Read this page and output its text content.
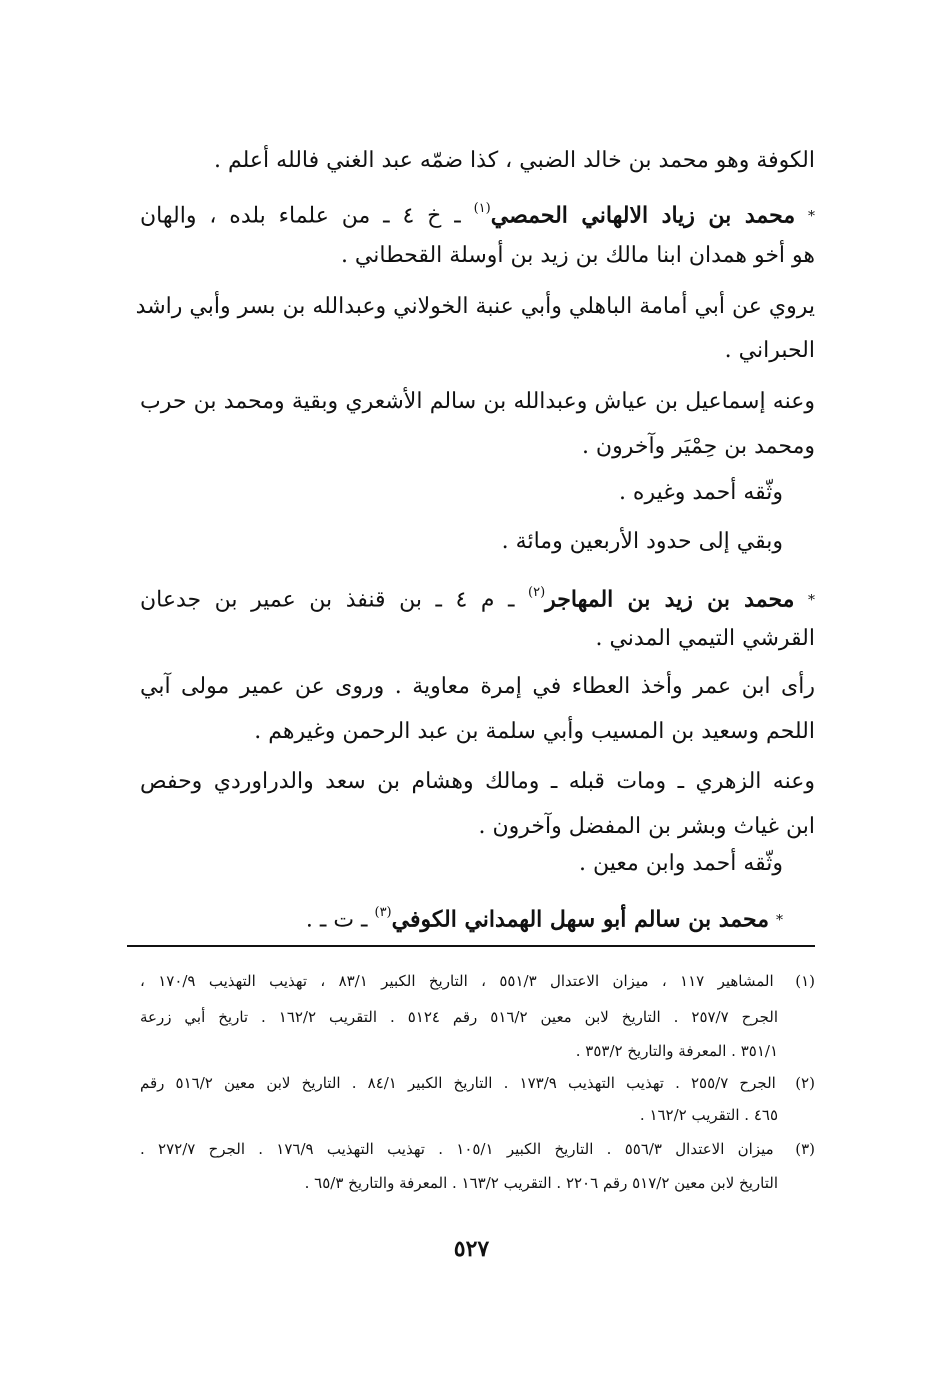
الكوفة وهو محمد بن خالد الضبي ، كذا ضمّه عبد الغني فالله أعلم .
* محمد بن زياد الالهاني الحمصي$^{(١)}$ ـ خ ٤ ـ من علماء بلده ، والهان
هو أخو همدان ابنا مالك بن زيد بن أوسلة القحطاني .
يروي عن أبي أمامة الباهلي وأبي عنبة الخولاني وعبدالله بن بسر وأبي راشد
الحبراني .
وعنه إسماعيل بن عياش وعبدالله بن سالم الأشعري وبقية ومحمد بن حرب
ومحمد بن حِمْيَر وآخرون .
وثّقه أحمد وغيره .
وبقي إلى حدود الأربعين ومائة .
* محمد بن زيد بن المهاجر$^{(٢)}$ ـ م ٤ ـ بن قنفذ بن عمير بن جدعان
القرشي التيمي المدني .
رأى ابن عمر وأخذ العطاء في إمرة معاوية . وروى عن عمير مولى آبي
اللحم وسعيد بن المسيب وأبي سلمة بن عبد الرحمن وغيرهم .
وعنه الزهري ـ ومات قبله ـ ومالك وهشام بن سعد والدراوردي وحفص
ابن غياث وبشر بن المفضل وآخرون .
وثّقه أحمد وابن معين .
* محمد بن سالم أبو سهل الهمداني الكوفي$^{(٣)}$ ـ ت ـ .
(١) المشاهير ١١٧ ، ميزان الاعتدال ٥٥١/٣ ، التاريخ الكبير ٨٣/١ ، تهذيب التهذيب ١٧٠/٩ ،
الجرح ٢٥٧/٧ . التاريخ لابن معين ٥١٦/٢ رقم ٥١٢٤ . التقريب ١٦٢/٢ . تاريخ أبي زرعة
٣٥١/١ . المعرفة والتاريخ ٣٥٣/٢ .
(٢) الجرح ٢٥٥/٧ . تهذيب التهذيب ١٧٣/٩ . التاريخ الكبير ٨٤/١ . التاريخ لابن معين ٥١٦/٢ رقم
٤٦٥ . التقريب ١٦٢/٢ .
(٣) ميزان الاعتدال ٥٥٦/٣ . التاريخ الكبير ١٠٥/١ . تهذيب التهذيب ١٧٦/٩ . الجرح ٢٧٢/٧ .
التاريخ لابن معين ٥١٧/٢ رقم ٢٢٠٦ . التقريب ١٦٣/٢ . المعرفة والتاريخ ٦٥/٣ .
٥٢٧
